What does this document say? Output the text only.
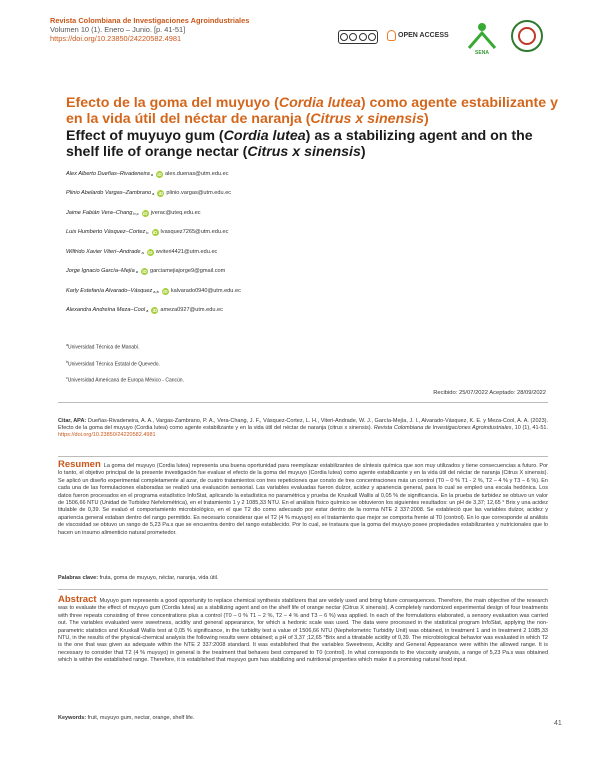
Revista Colombiana de Investigaciones Agroindustriales
Volumen 10 (1). Enero – Junio. [p. 41-51]
https://doi.org/10.23850/24220582.4981	OPEN ACCESS
SENA
Efecto de la goma del muyuyo (Cordia lutea) como agente estabilizante y en la vida útil del néctar de naranja (Citrus x sinensis)
Effect of muyuyo gum (Cordia lutea) as a stabilizing agent and on the shelf life of orange nectar (Citrus x sinensis)
Alex Alberto Dueñas–Rivadeneira a iD alex.duenas@utm.edu.ec
Plinio Abelardo Vargas–Zambrano a iD plinio.vargas@utm.edu.ec
Jaime Fabián Vera–Chang b,c iD jverac@uteq.edu.ec
Luis Humberto Vásquez–Cortez b iD lvasquez7265@utm.edu.ec
Wilfrido Xavier Viteri–Andrade a iD wviteri4421@utm.edu.ec
Jorge Ignacio García–Mejía a iD garciamejiajorge9@gmail.com
Karly Estefanía Alvarado–Vásquez a,b iD kalvarado0940@utm.edu.ec
Alexandra Andreína Meza–Cool a iD ameza0927@utm.edu.ec
$^a$Universidad Técnica de Manabí.
$^b$Universidad Técnica Estatal de Quevedo.
$^c$Universidad Americana de Europa México - Cancún.
Recibido: 25/07/2022 Aceptado: 28/09/2022
Citar, APA: Dueñas-Rivadeneira, A. A., Vargas-Zambrano, P. A., Vera-Chang, J. F., Vásquez-Cortez, L. H., Viteri-Andrade, W. J., García-Mejía, J. I., Alvarado-Vásquez, K. E. y Meza-Cool, A. A. (2023). Efecto de la goma del muyuyo (Cordia lutea) como agente estabilizante y en la vida útil del néctar de naranja (citrus x sinensis). Revista Colombiana de Investigaciones Agroindustriales, 10 (1), 41-51. https://doi.org/10.23850/24220582.4981
Resumen La goma del muyuyo (Cordia lutea) representa una buena oportunidad para reemplazar estabilizantes de síntesis química que son muy utilizados y tiene consecuencias a futuro. Por lo tanto, el objetivo principal de la presente investigación fue evaluar el efecto de la goma del muyuyo (Cordia lutea) como agente estabilizante y en la vida útil del néctar de naranja (Citrus X sinensis). Se aplicó un diseño experimental completamente al azar, de cuatro tratamientos con tres repeticiones que consto de tres concentraciones más un control (T0 – 0 % T1 - 2 %, T2 – 4 % y T3 – 6 %). En cada una de las formulaciones elaboradas se realizó una evaluación sensorial. Las variables evaluadas fueron dulzor, acidez y apariencia general, para lo cual se empleó una escala hedónica. Los datos fueron procesados en el programa estadístico InfoStat, aplicando la estadística no paramétrica y prueba de Kruskall Wallis al 0,05 % de significancia. En la prueba de turbidez se obtuvo un valor de 1506,66 NTU (Unidad de Turbidez Nefelométrica), en el tratamiento 1 y 2 1085,33 NTU. En el análisis físico químico se obtuvieron los siguientes resultados: un pH de 3,37; 12,65 ° Brix y una acidez titulable de 0,39. Se evaluó el comportamiento microbiológico, en el que T2 dio como adecuado por estar dentro de la norma NTE 2 337:2008. Se estableció que las variables dulzor, acidez y apariencia general estaban dentro del rango permitido. Es necesario considerar que el T2 (4 % muyuyo) es el tratamiento que mejor se comporta frente al T0 (control). En lo que corresponde al análisis de viscosidad se obtuvo un rango de 5,23 Pa.s que se encuentra dentro del rango establecido. Por lo cual, se instaura que la goma del muyuyo posee propiedades estabilizantes y nutricionales que lo hacen un insumo alimenticio natural prometedor.
Palabras clave: fruta, goma de muyuyo, néctar, naranja, vida útil.
Abstract Muyuyo gum represents a good opportunity to replace chemical synthesis stabilizers that are widely used and bring future consequences. Therefore, the main objective of the research was to evaluate the effect of muyuyo gum (Cordia lutea) as a stabilizing agent and on the shelf life of orange nectar (Citrus X sinensis). A completely randomized experimental design of four treatments with three repeats consisting of three concentrations plus a control (T0 – 0 % T1 – 2 %, T2 – 4 % and T3 – 6 %) was applied. In each of the formulations elaborated, a sensory evaluation was carried out. The variables evaluated were sweetness, acidity and general appearance, for which a hedonic scale was used. The data were processed in the statistical program InfoStat, applying the non-parametric statistics and Kruskall Wallis test at 0,05 % significance, in the turbidity test a value of 1506,66 NTU (Nephelometric Turbidity Unit) was obtained, in treatment 1 and in treatment 2 1085,33 NTU, in the results of the physical-chemical analysis the following results were obtained; a pH of 3,37 ;12,65 °Brix and a titratable acidity of 0,39. The microbiological behavior was evaluated in which T2 is the one that was given as adequate within the NTE 2 337:2008 standard. It was established that the variables Sweetness, Acidity and General Appearance were within the allowed range. It is necessary to consider that T2 (4 % muyuyo) in general is the treatment that behaves best compared to T0 (control). In what corresponds to the viscosity analysis, a range of 5,23 Pa.s was obtained which is within the established range. Therefore, it is established that muyuyo gum has stabilizing and nutritional properties which make it a promising natural food input.
Keywords: fruit, muyuyo gum, nectar, orange, shelf life.
41
